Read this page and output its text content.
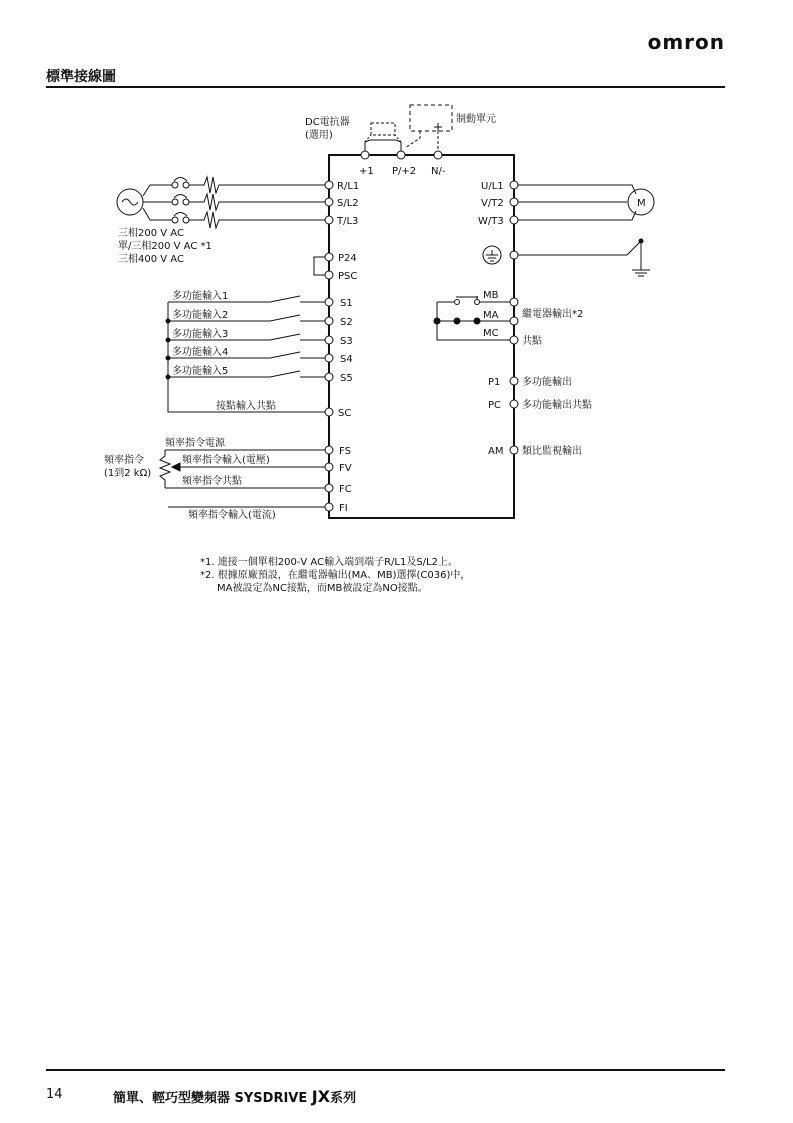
omron
標準接線圖
DC電抗器
(選用)
制動單元
+1 P/+2 N/-
R/L1
S/L2
T/L3
三相200 V AC
單/三相200 V AC *1
三相400 V AC
U/L1
V/T2
W/T3
M
P24
PSC
多功能輸入1
多功能輸入2
多功能輸入3
多功能輸入4
多功能輸入5
S1
S2
S3
S4
S5
接點輸入共點
SC
MB
MA
MC
繼電器輸出*2
共點
P1 多功能輸出
PC 多功能輸出共點
AM 類比監視輸出
頻率指令
(1到2 kΩ)
頻率指令電源
頻率指令輸入(電壓)
頻率指令共點
頻率指令輸入(電流)
FS
FV
FC
FI
*1. 連接一個單相200-V AC輸入端到端子R/L1及S/L2上。
*2. 根據原廠預設，在繼電器輸出(MA、MB)選擇(C036)中，
MA被設定為NC接點，而MB被設定為NO接點。
14	簡單、輕巧型變頻器 SYSDRIVE JX系列
